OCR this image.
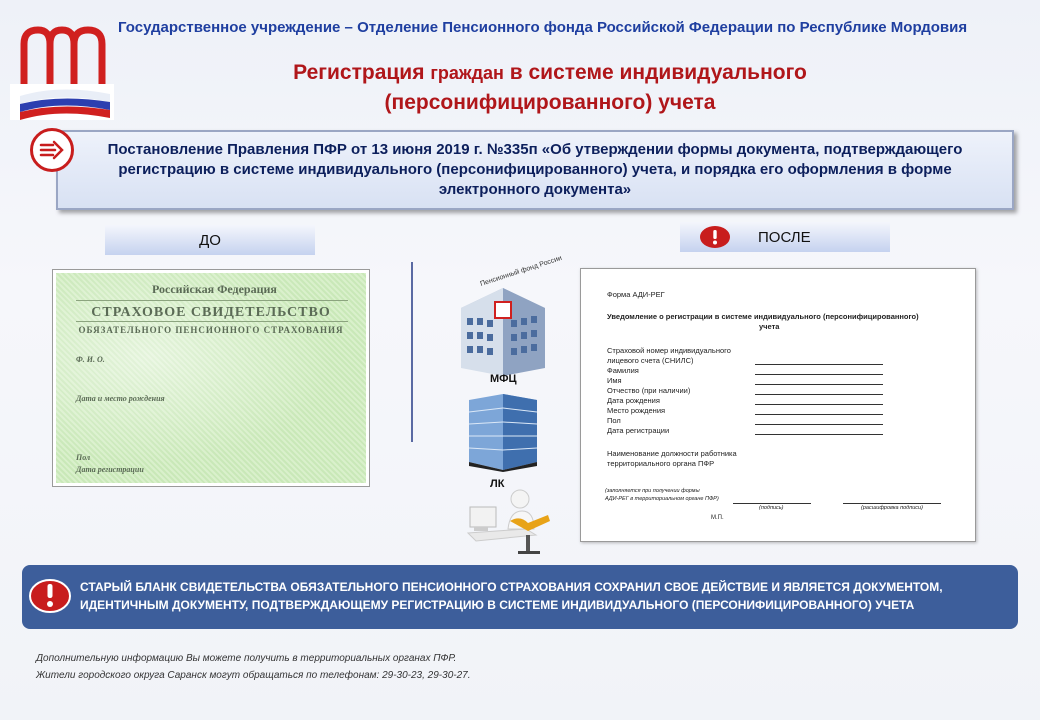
Государственное учреждение – Отделение Пенсионного фонда Российской Федерации по Республике Мордовия
Регистрация граждан в системе индивидуального
(персонифицированного) учета
Постановление Правления ПФР от 13 июня 2019 г. №335п «Об утверждении формы документа, подтверждающего регистрацию в системе индивидуального (персонифицированного) учета, и порядка его оформления в форме электронного документа»
ДО	ПОСЛЕ
Российская Федерация
СТРАХОВОЕ СВИДЕТЕЛЬСТВО
ОБЯЗАТЕЛЬНОГО ПЕНСИОННОГО СТРАХОВАНИЯ
Ф. И. О.
Дата и место рождения
Пол
Дата регистрации
Пенсионный фонд России
МФЦ
ЛК
Форма АДИ-РЕГ
Уведомление о регистрации в системе индивидуального (персонифицированного)
учета
Страховой номер индивидуального
лицевого счета (СНИЛС)
Фамилия
Имя
Отчество (при наличии)
Дата рождения
Место рождения
Пол
Дата регистрации
Наименование должности работника
территориального органа ПФР
(заполняется при получении формы
АДИ-РЕГ в территориальном органе ПФР)
(подпись)	(расшифровка подписи)
М.П.
СТАРЫЙ БЛАНК СВИДЕТЕЛЬСТВА ОБЯЗАТЕЛЬНОГО ПЕНСИОННОГО СТРАХОВАНИЯ СОХРАНИЛ СВОЕ ДЕЙСТВИЕ И ЯВЛЯЕТСЯ ДОКУМЕНТОМ,
ИДЕНТИЧНЫМ ДОКУМЕНТУ, ПОДТВЕРЖДАЮЩЕМУ РЕГИСТРАЦИЮ В СИСТЕМЕ ИНДИВИДУАЛЬНОГО (ПЕРСОНИФИЦИРОВАННОГО) УЧЕТА
Дополнительную информацию Вы можете получить в территориальных органах ПФР.
Жители городского округа Саранск могут обращаться по телефонам: 29-30-23, 29-30-27.
